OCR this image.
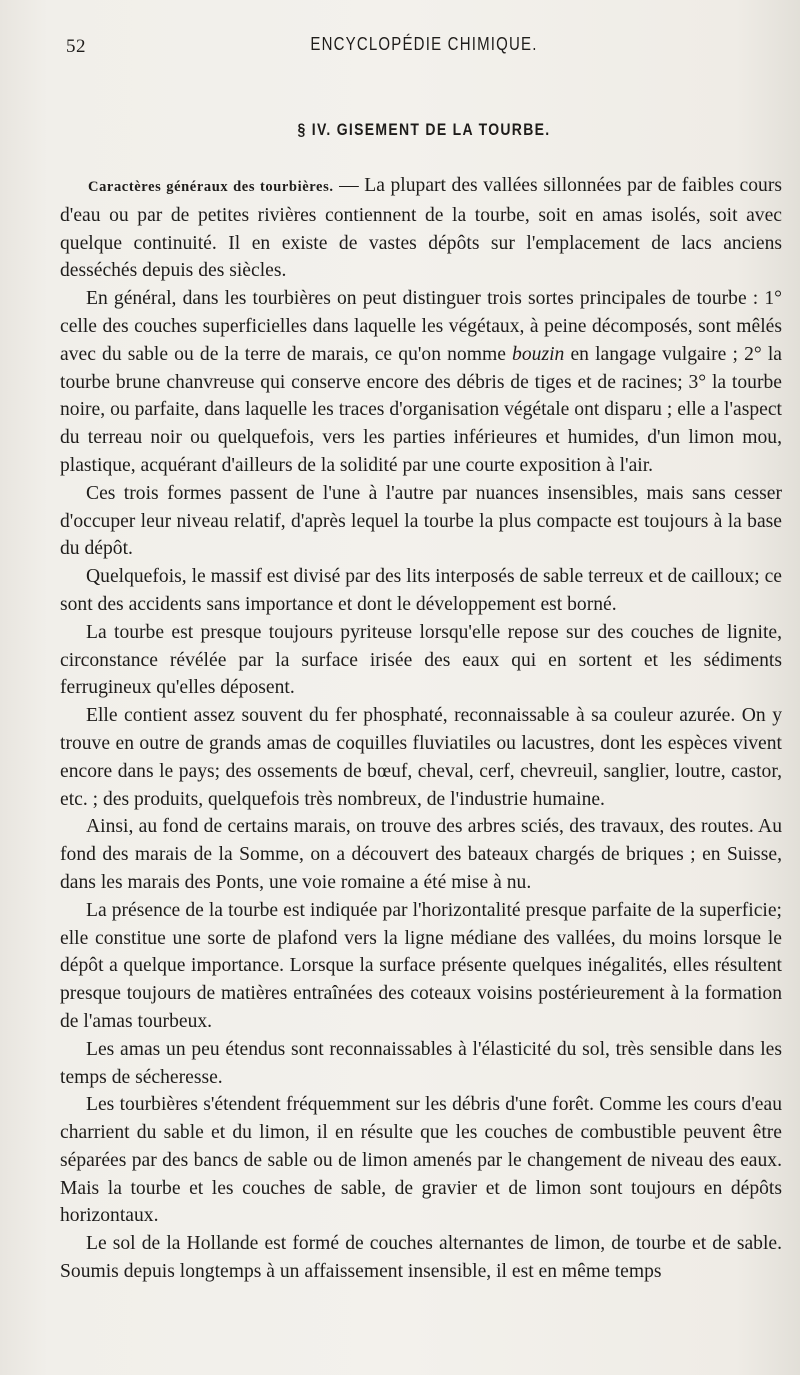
52	ENCYCLOPÉDIE CHIMIQUE.
§ IV. GISEMENT DE LA TOURBE.

Caractères généraux des tourbières. — La plupart des vallées sillonnées par de faibles cours d'eau ou par de petites rivières contiennent de la tourbe, soit en amas isolés, soit avec quelque continuité. Il en existe de vastes dépôts sur l'emplacement de lacs anciens desséchés depuis des siècles.

En général, dans les tourbières on peut distinguer trois sortes principales de tourbe : 1° celle des couches superficielles dans laquelle les végétaux, à peine décomposés, sont mêlés avec du sable ou de la terre de marais, ce qu'on nomme bouzin en langage vulgaire ; 2° la tourbe brune chanvreuse qui conserve encore des débris de tiges et de racines; 3° la tourbe noire, ou parfaite, dans laquelle les traces d'organisation végétale ont disparu ; elle a l'aspect du terreau noir ou quelquefois, vers les parties inférieures et humides, d'un limon mou, plastique, acquérant d'ailleurs de la solidité par une courte exposition à l'air.

Ces trois formes passent de l'une à l'autre par nuances insensibles, mais sans cesser d'occuper leur niveau relatif, d'après lequel la tourbe la plus compacte est toujours à la base du dépôt.

Quelquefois, le massif est divisé par des lits interposés de sable terreux et de cailloux; ce sont des accidents sans importance et dont le développement est borné.

La tourbe est presque toujours pyriteuse lorsqu'elle repose sur des couches de lignite, circonstance révélée par la surface irisée des eaux qui en sortent et les sédiments ferrugineux qu'elles déposent.

Elle contient assez souvent du fer phosphaté, reconnaissable à sa couleur azurée. On y trouve en outre de grands amas de coquilles fluviatiles ou lacustres, dont les espèces vivent encore dans le pays; des ossements de bœuf, cheval, cerf, chevreuil, sanglier, loutre, castor, etc. ; des produits, quelquefois très nombreux, de l'industrie humaine.

Ainsi, au fond de certains marais, on trouve des arbres sciés, des travaux, des routes. Au fond des marais de la Somme, on a découvert des bateaux chargés de briques ; en Suisse, dans les marais des Ponts, une voie romaine a été mise à nu.

La présence de la tourbe est indiquée par l'horizontalité presque parfaite de la superficie; elle constitue une sorte de plafond vers la ligne médiane des vallées, du moins lorsque le dépôt a quelque importance. Lorsque la surface présente quelques inégalités, elles résultent presque toujours de matières entraînées des coteaux voisins postérieurement à la formation de l'amas tourbeux.

Les amas un peu étendus sont reconnaissables à l'élasticité du sol, très sensible dans les temps de sécheresse.

Les tourbières s'étendent fréquemment sur les débris d'une forêt. Comme les cours d'eau charrient du sable et du limon, il en résulte que les couches de combustible peuvent être séparées par des bancs de sable ou de limon amenés par le changement de niveau des eaux. Mais la tourbe et les couches de sable, de gravier et de limon sont toujours en dépôts horizontaux.

Le sol de la Hollande est formé de couches alternantes de limon, de tourbe et de sable. Soumis depuis longtemps à un affaissement insensible, il est en même temps
